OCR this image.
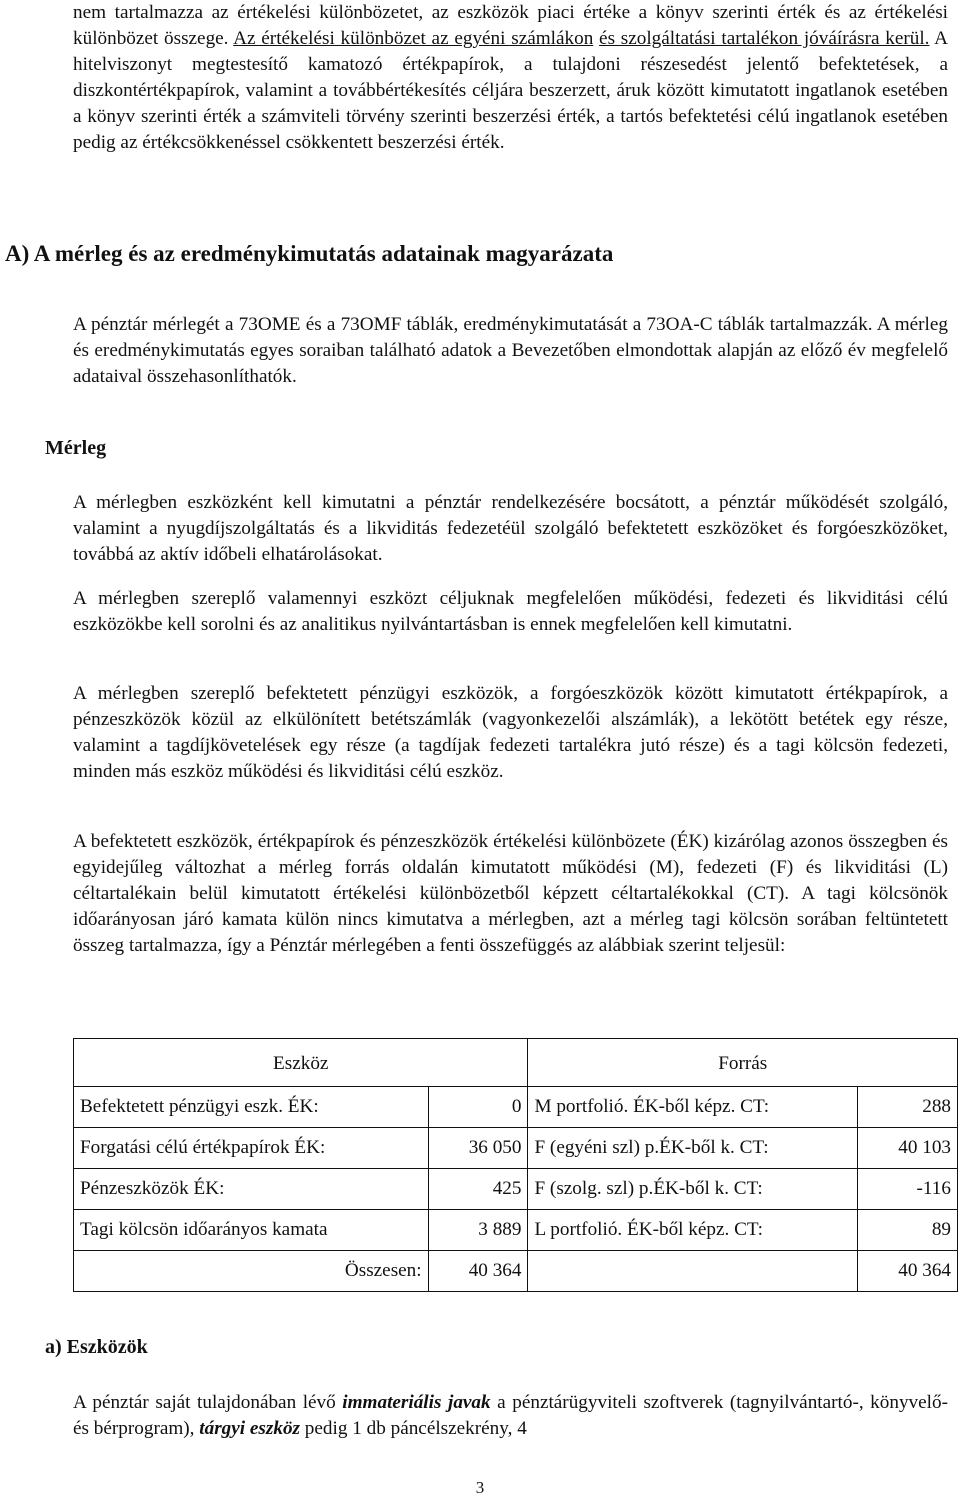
nem tartalmazza az értékelési különbözetet, az eszközök piaci értéke a könyv szerinti érték és az értékelési különbözet összege. Az értékelési különbözet az egyéni számlákon és szolgáltatási tartalékon jóváírásra kerül. A hitelviszonyt megtestesítő kamatozó értékpapírok, a tulajdoni részesedést jelentő befektetések, a diszkontértékpapírok, valamint a továbbértékesítés céljára beszerzett, áruk között kimutatott ingatlanok esetében a könyv szerinti érték a számviteli törvény szerinti beszerzési érték, a tartós befektetési célú ingatlanok esetében pedig az értékcsökkenéssel csökkentett beszerzési érték.

A) A mérleg és az eredménykimutatás adatainak magyarázata

A pénztár mérlegét a 73OME és a 73OMF táblák, eredménykimutatását a 73OA-C táblák tartalmazzák. A mérleg és eredménykimutatás egyes soraiban található adatok a Bevezetőben elmondottak alapján az előző év megfelelő adataival összehasonlíthatók.

Mérleg

A mérlegben eszközként kell kimutatni a pénztár rendelkezésére bocsátott, a pénztár működését szolgáló, valamint a nyugdíjszolgáltatás és a likviditás fedezetéül szolgáló befektetett eszközöket és forgóeszközöket, továbbá az aktív időbeli elhatárolásokat.

A mérlegben szereplő valamennyi eszközt céljuknak megfelelően működési, fedezeti és likviditási célú eszközökbe kell sorolni és az analitikus nyilvántartásban is ennek megfelelően kell kimutatni.

A mérlegben szereplő befektetett pénzügyi eszközök, a forgóeszközök között kimutatott értékpapírok, a pénzeszközök közül az elkülönített betétszámlák (vagyonkezelői alszámlák), a lekötött betétek egy része, valamint a tagdíjkövetelések egy része (a tagdíjak fedezeti tartalékra jutó része) és a tagi kölcsön fedezeti, minden más eszköz működési és likviditási célú eszköz.

A befektetett eszközök, értékpapírok és pénzeszközök értékelési különbözete (ÉK) kizárólag azonos összegben és egyidejűleg változhat a mérleg forrás oldalán kimutatott működési (M), fedezeti (F) és likviditási (L) céltartalékain belül kimutatott értékelési különbözetből képzett céltartalékokkal (CT). A tagi kölcsönök időarányosan járó kamata külön nincs kimutatva a mérlegben, azt a mérleg tagi kölcsön sorában feltüntetett összeg tartalmazza, így a Pénztár mérlegében a fenti összefüggés az alábbiak szerint teljesül:

Eszköz		Forrás	
Befektetett pénzügyi eszk. ÉK:	0	M portfolió. ÉK-ből képz. CT:	288
Forgatási célú értékpapírok ÉK:	36 050	F (egyéni szl) p.ÉK-ből k. CT:	40 103
Pénzeszközök ÉK:	425	F (szolg. szl) p.ÉK-ből k. CT:	-116
Tagi kölcsön időarányos kamata	3 889	L portfolió. ÉK-ből képz. CT:	89
Összesen:	40 364		40 364
a) Eszközök

A pénztár saját tulajdonában lévő immateriális javak a pénztárügyviteli szoftverek (tagnyilvántartó-, könyvelő- és bérprogram), tárgyi eszköz pedig 1 db páncélszekrény, 4

3
